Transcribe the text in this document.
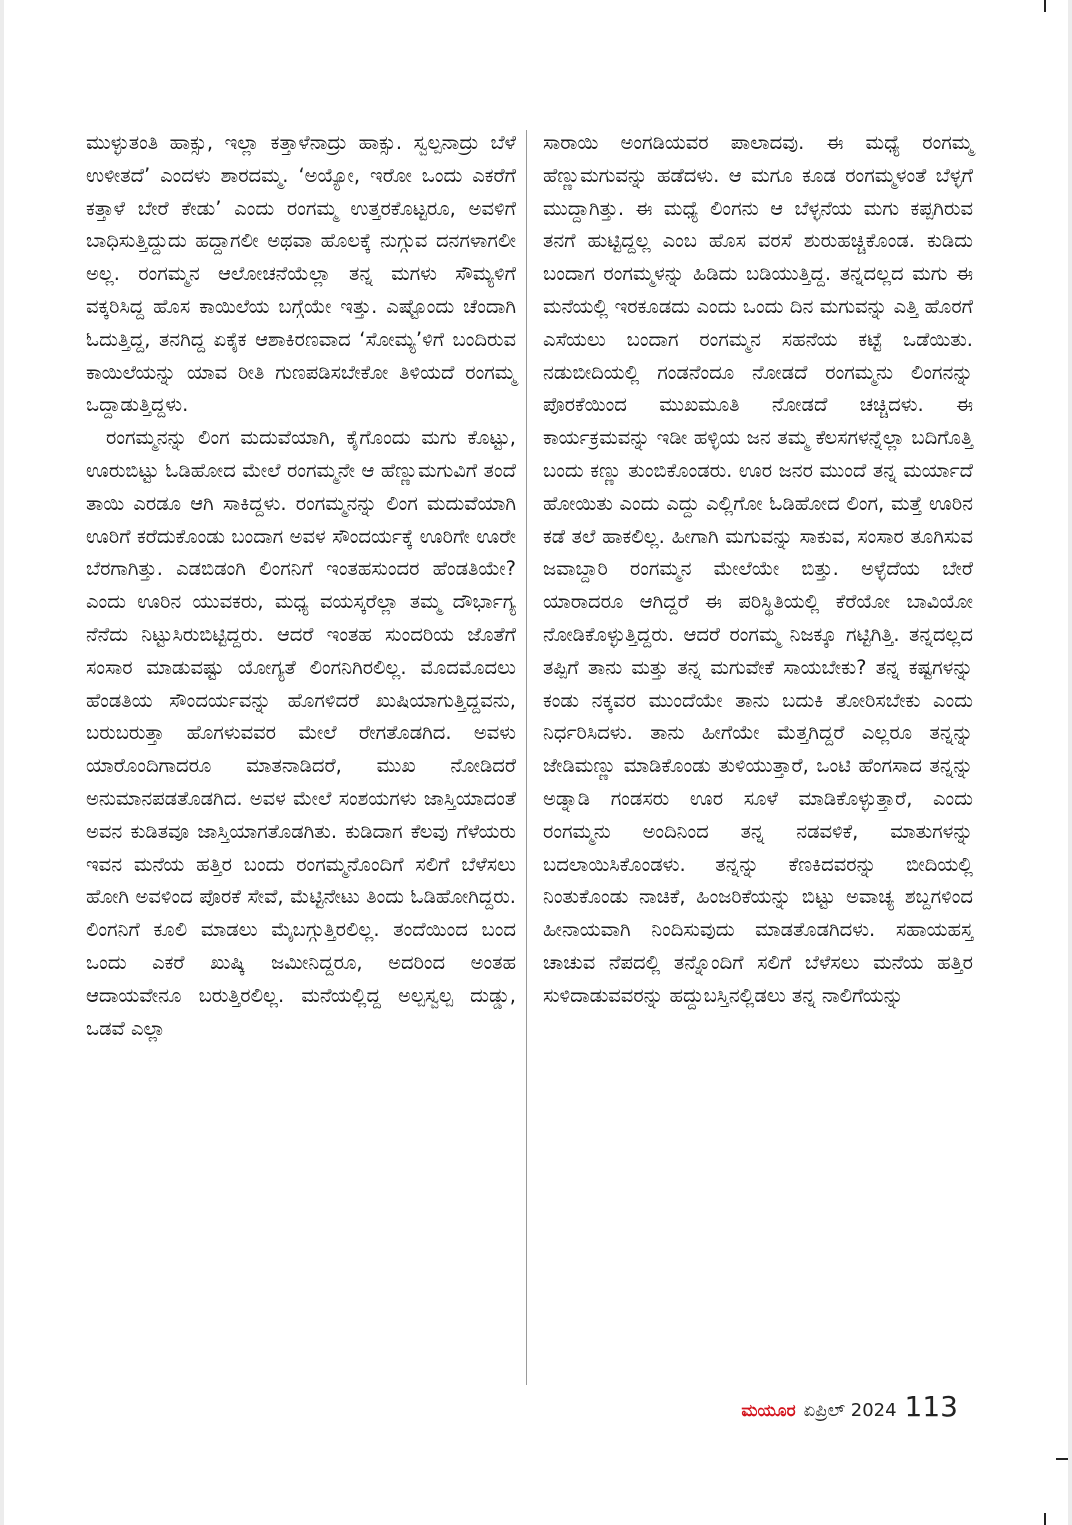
ಮುಳ್ಳುತಂತಿ ಹಾಕ್ಸು, ಇಲ್ಲಾ ಕತ್ತಾಳೆನಾದ್ರು ಹಾಕ್ಸು. ಸ್ವಲ್ಪನಾದ್ರು ಬೆಳೆ ಉಳೀತದೆ’ ಎಂದಳು ಶಾರದಮ್ಮ. ‘ಅಯ್ಯೋ, ಇರೋ ಒಂದು ಎಕರೆಗೆ ಕತ್ತಾಳೆ ಬೇರೆ ಕೇಡು’ ಎಂದು ರಂಗಮ್ಮ ಉತ್ತರಕೊಟ್ಟರೂ, ಅವಳಿಗೆ ಬಾಧಿಸುತ್ತಿದ್ದುದು ಹದ್ದಾಗಲೀ ಅಥವಾ ಹೊಲಕ್ಕೆ ನುಗ್ಗುವ ದನಗಳಾಗಲೀ ಅಲ್ಲ. ರಂಗಮ್ಮನ ಆಲೋಚನೆಯೆಲ್ಲಾ ತನ್ನ ಮಗಳು ಸೌಮ್ಯಳಿಗೆ ವಕ್ಕರಿಸಿದ್ದ ಹೊಸ ಕಾಯಿಲೆಯ ಬಗ್ಗೆಯೇ ಇತ್ತು. ಎಷ್ಟೊಂದು ಚೆಂದಾಗಿ ಓದುತ್ತಿದ್ದ, ತನಗಿದ್ದ ಏಕೈಕ ಆಶಾಕಿರಣವಾದ ‘ಸೋಮ್ಯ’ಳಿಗೆ ಬಂದಿರುವ ಕಾಯಿಲೆಯನ್ನು ಯಾವ ರೀತಿ ಗುಣಪಡಿಸಬೇಕೋ ತಿಳಿಯದೆ ರಂಗಮ್ಮ ಒದ್ದಾಡುತ್ತಿದ್ದಳು.

ರಂಗಮ್ಮನನ್ನು ಲಿಂಗ ಮದುವೆಯಾಗಿ, ಕೈಗೊಂದು ಮಗು ಕೊಟ್ಟು, ಊರುಬಿಟ್ಟು ಓಡಿಹೋದ ಮೇಲೆ ರಂಗಮ್ಮನೇ ಆ ಹೆಣ್ಣುಮಗುವಿಗೆ ತಂದೆ ತಾಯಿ ಎರಡೂ ಆಗಿ ಸಾಕಿದ್ದಳು. ರಂಗಮ್ಮನನ್ನು ಲಿಂಗ ಮದುವೆಯಾಗಿ ಊರಿಗೆ ಕರೆದುಕೊಂಡು ಬಂದಾಗ ಅವಳ ಸೌಂದರ್ಯಕ್ಕೆ ಊರಿಗೇ ಊರೇ ಬೆರಗಾಗಿತ್ತು. ಎಡಬಿಡಂಗಿ ಲಿಂಗನಿಗೆ ಇಂತಹಸುಂದರ ಹೆಂಡತಿಯೇ? ಎಂದು ಊರಿನ ಯುವಕರು, ಮಧ್ಯ ವಯಸ್ಕರೆಲ್ಲಾ ತಮ್ಮ ದೌರ್ಭಾಗ್ಯ ನೆನೆದು ನಿಟ್ಟುಸಿರುಬಿಟ್ಟಿದ್ದರು. ಆದರೆ ಇಂತಹ ಸುಂದರಿಯ ಜೊತೆಗೆ ಸಂಸಾರ ಮಾಡುವಷ್ಟು ಯೋಗ್ಯತೆ ಲಿಂಗನಿಗಿರಲಿಲ್ಲ. ಮೊದಮೊದಲು ಹೆಂಡತಿಯ ಸೌಂದರ್ಯವನ್ನು ಹೊಗಳಿದರೆ ಖುಷಿಯಾಗುತ್ತಿದ್ದವನು, ಬರುಬರುತ್ತಾ ಹೊಗಳುವವರ ಮೇಲೆ ರೇಗತೊಡಗಿದ. ಅವಳು ಯಾರೊಂದಿಗಾದರೂ ಮಾತನಾಡಿದರೆ, ಮುಖ ನೋಡಿದರೆ ಅನುಮಾನಪಡತೊಡಗಿದ. ಅವಳ ಮೇಲೆ ಸಂಶಯಗಳು ಜಾಸ್ತಿಯಾದಂತೆ ಅವನ ಕುಡಿತವೂ ಜಾಸ್ತಿಯಾಗತೊಡಗಿತು. ಕುಡಿದಾಗ ಕೆಲವು ಗೆಳೆಯರು ಇವನ ಮನೆಯ ಹತ್ತಿರ ಬಂದು ರಂಗಮ್ಮನೊಂದಿಗೆ ಸಲಿಗೆ ಬೆಳೆಸಲು ಹೋಗಿ ಅವಳಿಂದ ಪೊರಕೆ ಸೇವೆ, ಮೆಟ್ಟಿನೇಟು ತಿಂದು ಓಡಿಹೋಗಿದ್ದರು. ಲಿಂಗನಿಗೆ ಕೂಲಿ ಮಾಡಲು ಮೈಬಗ್ಗುತ್ತಿರಲಿಲ್ಲ. ತಂದೆಯಿಂದ ಬಂದ ಒಂದು ಎಕರೆ ಖುಷ್ಕಿ ಜಮೀನಿದ್ದರೂ, ಅದರಿಂದ ಅಂತಹ ಆದಾಯವೇನೂ ಬರುತ್ತಿರಲಿಲ್ಲ. ಮನೆಯಲ್ಲಿದ್ದ ಅಲ್ಪಸ್ವಲ್ಪ ದುಡ್ಡು, ಒಡವೆ ಎಲ್ಲಾ

ಸಾರಾಯಿ ಅಂಗಡಿಯವರ ಪಾಲಾದವು. ಈ ಮಧ್ಯೆ ರಂಗಮ್ಮ ಹೆಣ್ಣುಮಗುವನ್ನು ಹಡೆದಳು. ಆ ಮಗೂ ಕೂಡ ರಂಗಮ್ಮಳಂತೆ ಬೆಳ್ಳಗೆ ಮುದ್ದಾಗಿತ್ತು. ಈ ಮಧ್ಯೆ ಲಿಂಗನು ಆ ಬೆಳ್ಳನೆಯ ಮಗು ಕಪ್ಪಗಿರುವ ತನಗೆ ಹುಟ್ಟಿದ್ದಲ್ಲ ಎಂಬ ಹೊಸ ವರಸೆ ಶುರುಹಚ್ಚಿಕೊಂಡ. ಕುಡಿದು ಬಂದಾಗ ರಂಗಮ್ಮಳನ್ನು ಹಿಡಿದು ಬಡಿಯುತ್ತಿದ್ದ. ತನ್ನದಲ್ಲದ ಮಗು ಈ ಮನೆಯಲ್ಲಿ ಇರಕೂಡದು ಎಂದು ಒಂದು ದಿನ ಮಗುವನ್ನು ಎತ್ತಿ ಹೊರಗೆ ಎಸೆಯಲು ಬಂದಾಗ ರಂಗಮ್ಮನ ಸಹನೆಯ ಕಟ್ಟೆ ಒಡೆಯಿತು. ನಡುಬೀದಿಯಲ್ಲಿ ಗಂಡನೆಂದೂ ನೋಡದೆ ರಂಗಮ್ಮನು ಲಿಂಗನನ್ನು ಪೊರಕೆಯಿಂದ ಮುಖಮೂತಿ ನೋಡದೆ ಚಚ್ಚಿದಳು. ಈ ಕಾರ್ಯಕ್ರಮವನ್ನು ಇಡೀ ಹಳ್ಳಿಯ ಜನ ತಮ್ಮ ಕೆಲಸಗಳನ್ನೆಲ್ಲಾ ಬದಿಗೊತ್ತಿ ಬಂದು ಕಣ್ಣು ತುಂಬಿಕೊಂಡರು. ಊರ ಜನರ ಮುಂದೆ ತನ್ನ ಮರ್ಯಾದೆ ಹೋಯಿತು ಎಂದು ಎದ್ದು ಎಲ್ಲಿಗೋ ಓಡಿಹೋದ ಲಿಂಗ, ಮತ್ತೆ ಊರಿನ ಕಡೆ ತಲೆ ಹಾಕಲಿಲ್ಲ. ಹೀಗಾಗಿ ಮಗುವನ್ನು ಸಾಕುವ, ಸಂಸಾರ ತೂಗಿಸುವ ಜವಾಬ್ದಾರಿ ರಂಗಮ್ಮನ ಮೇಲೆಯೇ ಬಿತ್ತು. ಅಳ್ಳೆದೆಯ ಬೇರೆ ಯಾರಾದರೂ ಆಗಿದ್ದರೆ ಈ ಪರಿಸ್ಥಿತಿಯಲ್ಲಿ ಕೆರೆಯೋ ಬಾವಿಯೋ ನೋಡಿಕೊಳ್ಳುತ್ತಿದ್ದರು. ಆದರೆ ರಂಗಮ್ಮ ನಿಜಕ್ಕೂ ಗಟ್ಟಿಗಿತ್ತಿ. ತನ್ನದಲ್ಲದ ತಪ್ಪಿಗೆ ತಾನು ಮತ್ತು ತನ್ನ ಮಗುವೇಕೆ ಸಾಯಬೇಕು? ತನ್ನ ಕಷ್ಟಗಳನ್ನು ಕಂಡು ನಕ್ಕವರ ಮುಂದೆಯೇ ತಾನು ಬದುಕಿ ತೋರಿಸಬೇಕು ಎಂದು ನಿರ್ಧರಿಸಿದಳು. ತಾನು ಹೀಗೆಯೇ ಮೆತ್ತಗಿದ್ದರೆ ಎಲ್ಲರೂ ತನ್ನನ್ನು ಜೇಡಿಮಣ್ಣು ಮಾಡಿಕೊಂಡು ತುಳಿಯುತ್ತಾರೆ, ಒಂಟಿ ಹೆಂಗಸಾದ ತನ್ನನ್ನು ಅಡ್ನಾಡಿ ಗಂಡಸರು ಊರ ಸೂಳೆ ಮಾಡಿಕೊಳ್ಳುತ್ತಾರೆ, ಎಂದು ರಂಗಮ್ಮನು ಅಂದಿನಿಂದ ತನ್ನ ನಡವಳಿಕೆ, ಮಾತುಗಳನ್ನು ಬದಲಾಯಿಸಿಕೊಂಡಳು. ತನ್ನನ್ನು ಕೆಣಕಿದವರನ್ನು ಬೀದಿಯಲ್ಲಿ ನಿಂತುಕೊಂಡು ನಾಚಿಕೆ, ಹಿಂಜರಿಕೆಯನ್ನು ಬಿಟ್ಟು ಅವಾಚ್ಯ ಶಬ್ದಗಳಿಂದ ಹೀನಾಯವಾಗಿ ನಿಂದಿಸುವುದು ಮಾಡತೊಡಗಿದಳು. ಸಹಾಯಹಸ್ತ ಚಾಚುವ ನೆಪದಲ್ಲಿ ತನ್ನೊಂದಿಗೆ ಸಲಿಗೆ ಬೆಳೆಸಲು ಮನೆಯ ಹತ್ತಿರ ಸುಳಿದಾಡುವವರನ್ನು ಹದ್ದುಬಸ್ತಿನಲ್ಲಿಡಲು ತನ್ನ ನಾಲಿಗೆಯನ್ನು

ಮಯೂರ ಏಪ್ರಿಲ್ 2024 113
